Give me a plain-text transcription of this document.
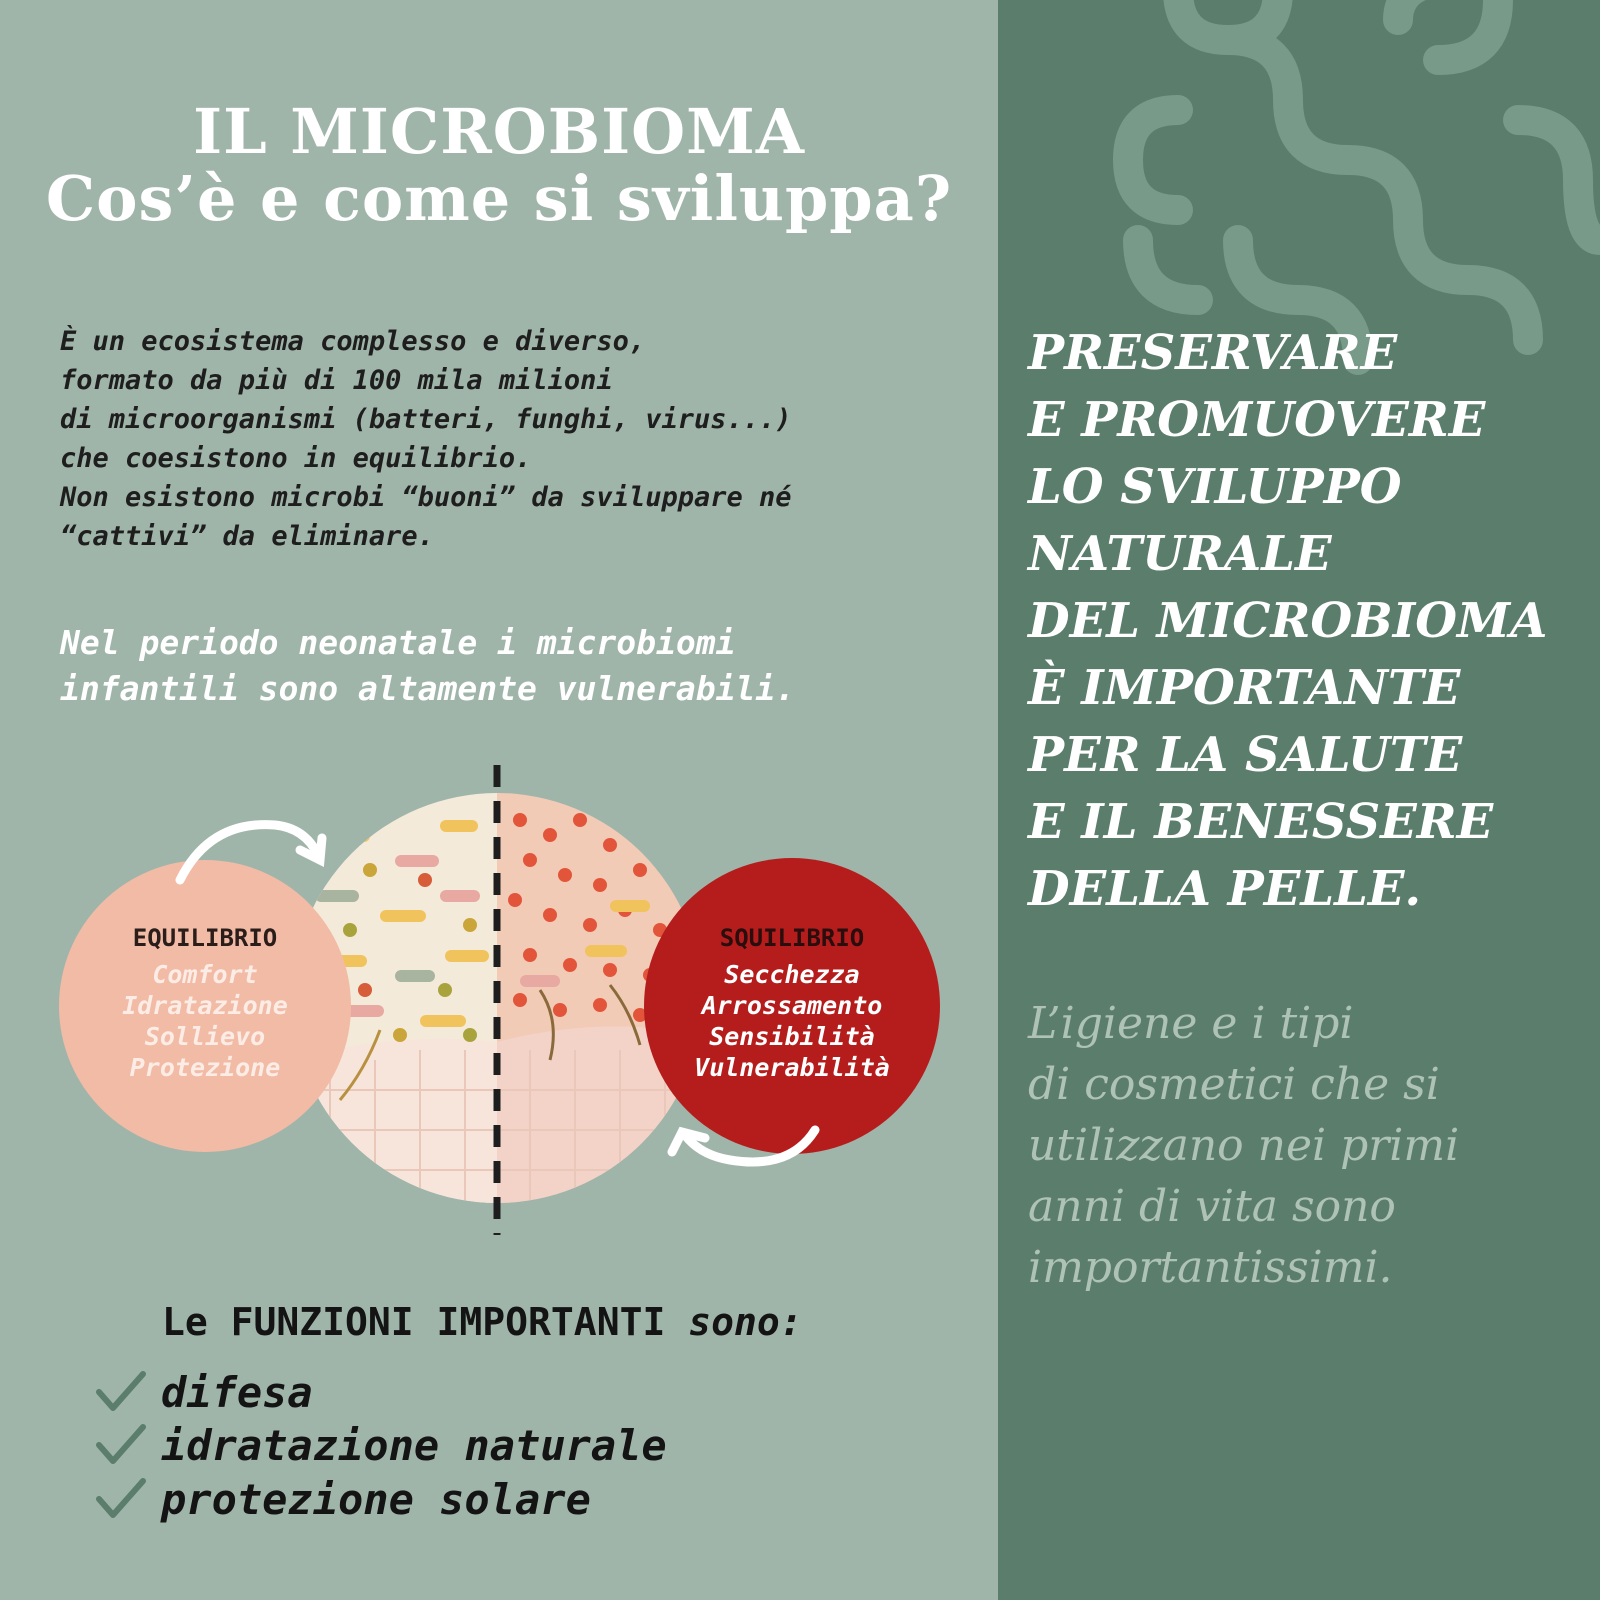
IL MICROBIOMA
Cos’è e come si sviluppa?
È un ecosistema complesso e diverso,
formato da più di 100 mila milioni
di microorganismi (batteri, funghi, virus...)
che coesistono in equilibrio.
Non esistono microbi “buoni” da sviluppare né
“cattivi” da eliminare.
Nel periodo neonatale i microbiomi
infantili sono altamente vulnerabili.
EQUILIBRIO
Comfort
Idratazione
Sollievo
Protezione
SQUILIBRIO
Secchezza
Arrossamento
Sensibilità
Vulnerabilità
Le FUNZIONI IMPORTANTI sono:
difesa
idratazione naturale
protezione solare
PRESERVARE
E PROMUOVERE
LO SVILUPPO
NATURALE
DEL MICROBIOMA
È IMPORTANTE
PER LA SALUTE
E IL BENESSERE
DELLA PELLE.
L’igiene e i tipi
di cosmetici che si
utilizzano nei primi
anni di vita sono
importantissimi.
